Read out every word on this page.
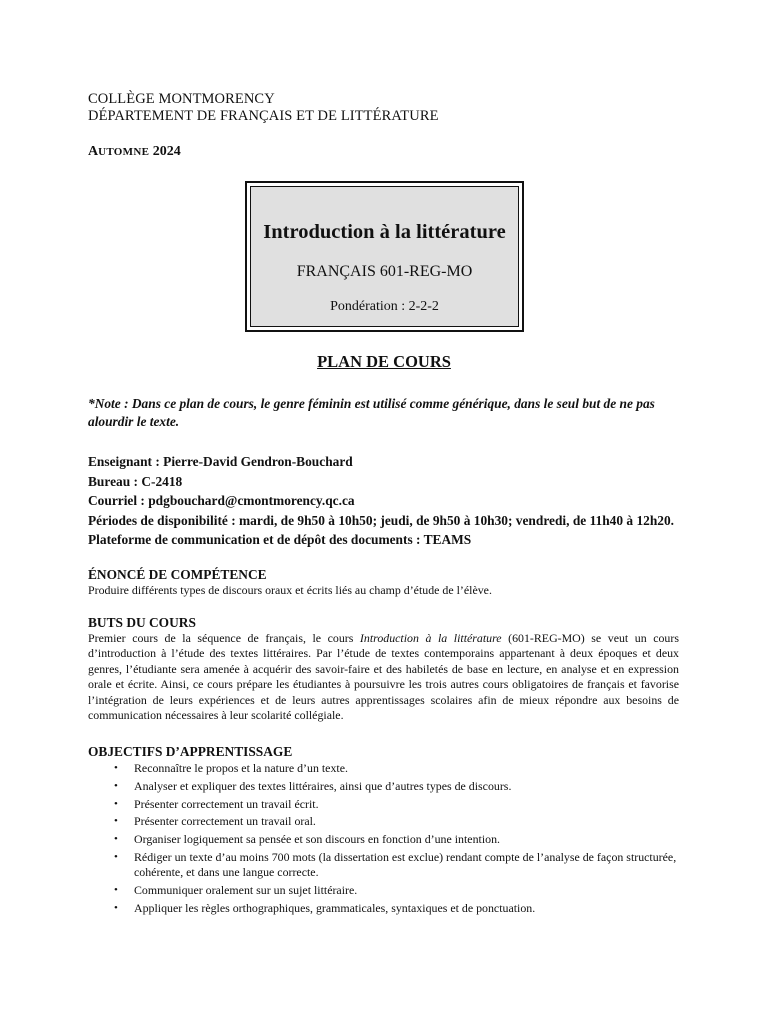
COLLÈGE MONTMORENCY
DÉPARTEMENT DE FRANÇAIS ET DE LITTÉRATURE
AUTOMNE 2024
Introduction à la littérature
FRANÇAIS 601-REG-MO
Pondération : 2-2-2
PLAN DE COURS
*Note : Dans ce plan de cours, le genre féminin est utilisé comme générique, dans le seul but de ne pas alourdir le texte.
Enseignant : Pierre-David Gendron-Bouchard
Bureau : C-2418
Courriel : pdgbouchard@cmontmorency.qc.ca
Périodes de disponibilité : mardi, de 9h50 à 10h50; jeudi, de 9h50 à 10h30; vendredi, de 11h40 à 12h20.
Plateforme de communication et de dépôt des documents : TEAMS
ÉNONCÉ DE COMPÉTENCE
Produire différents types de discours oraux et écrits liés au champ d’étude de l’élève.
BUTS DU COURS
Premier cours de la séquence de français, le cours Introduction à la littérature (601-REG-MO) se veut un cours d’introduction à l’étude des textes littéraires. Par l’étude de textes contemporains appartenant à deux époques et deux genres, l’étudiante sera amenée à acquérir des savoir-faire et des habiletés de base en lecture, en analyse et en expression orale et écrite. Ainsi, ce cours prépare les étudiantes à poursuivre les trois autres cours obligatoires de français et favorise l’intégration de leurs expériences et de leurs autres apprentissages scolaires afin de mieux répondre aux besoins de communication nécessaires à leur scolarité collégiale.
OBJECTIFS D’APPRENTISSAGE
• Reconnaître le propos et la nature d’un texte.
• Analyser et expliquer des textes littéraires, ainsi que d’autres types de discours.
• Présenter correctement un travail écrit.
• Présenter correctement un travail oral.
• Organiser logiquement sa pensée et son discours en fonction d’une intention.
• Rédiger un texte d’au moins 700 mots (la dissertation est exclue) rendant compte de l’analyse de façon structurée, cohérente, et dans une langue correcte.
• Communiquer oralement sur un sujet littéraire.
• Appliquer les règles orthographiques, grammaticales, syntaxiques et de ponctuation.
